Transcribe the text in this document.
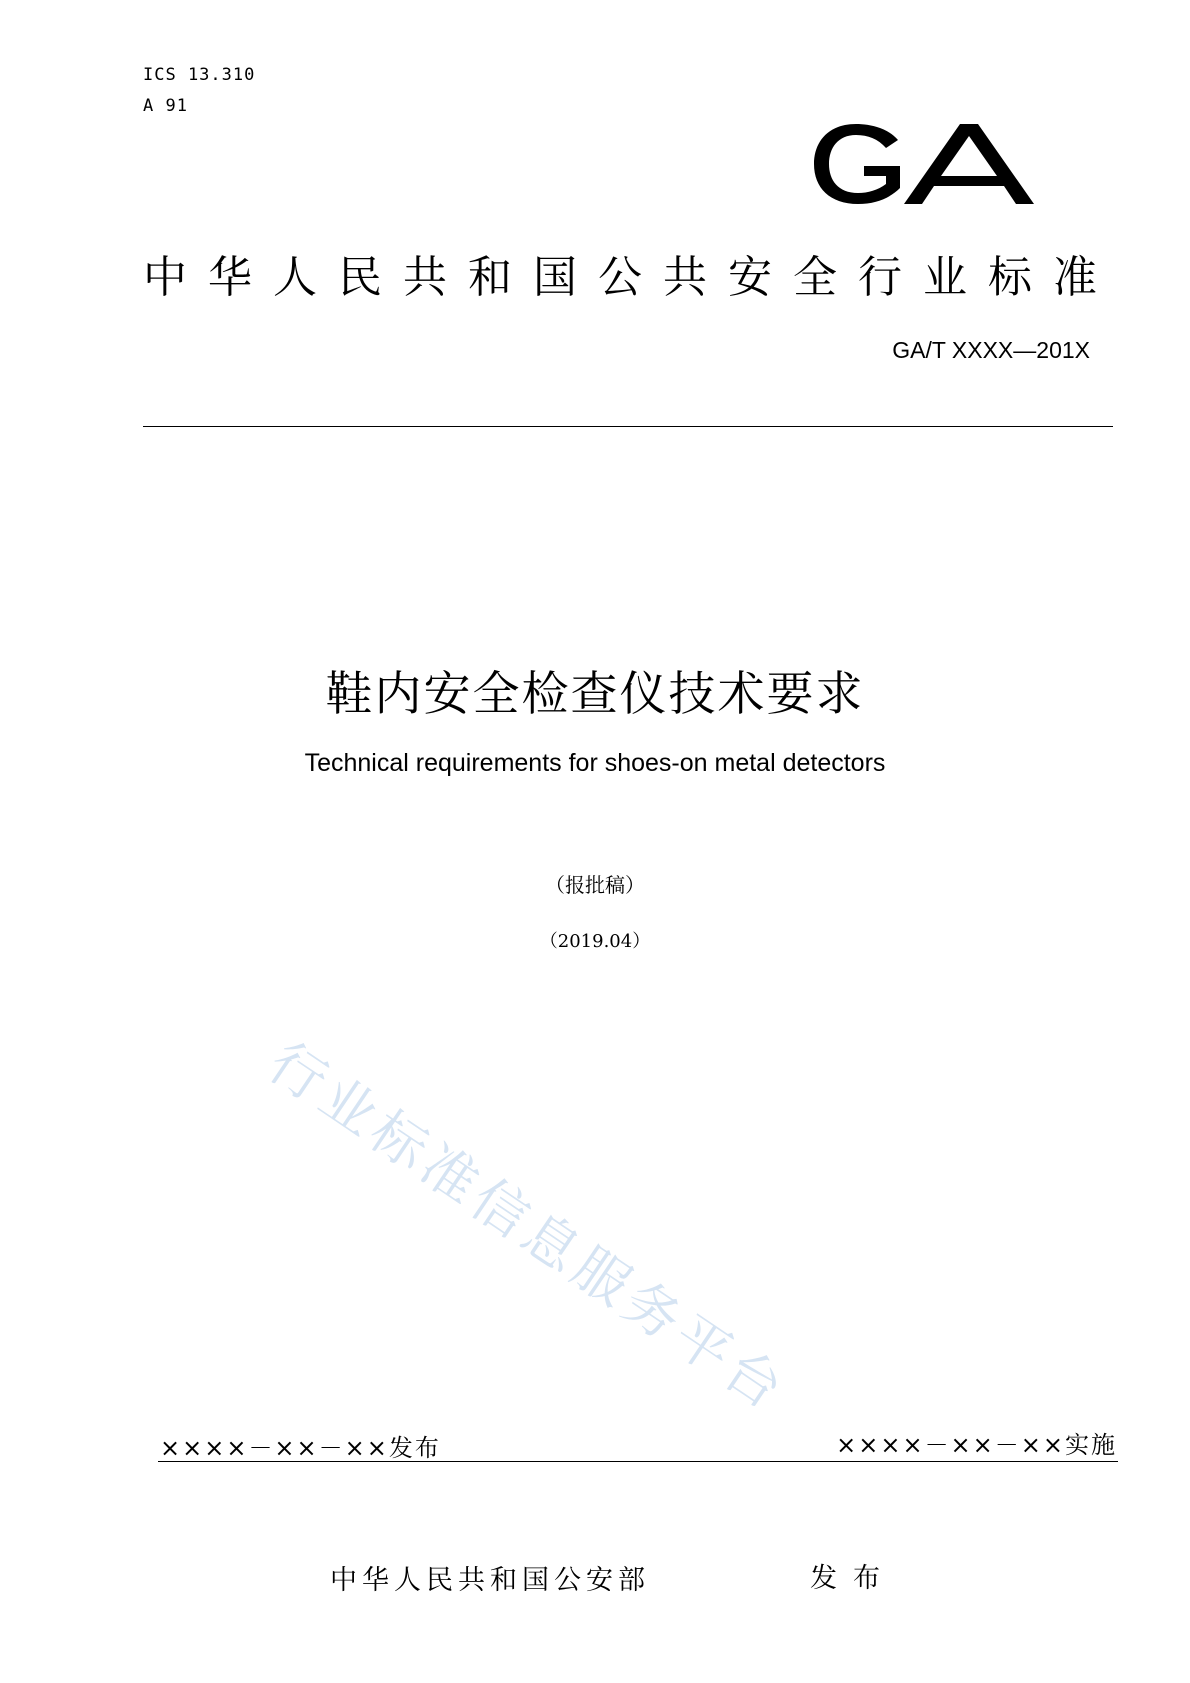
ICS 13.310
A 91
中华人民共和国公共安全行业标准
GA/T XXXX—201X
鞋内安全检查仪技术要求
Technical requirements for shoes-on metal detectors
（报批稿）
（2019.04）
行业标准信息服务平台
××××－××－××发布	××××－××－××实施
中华人民共和国公安部	发布
